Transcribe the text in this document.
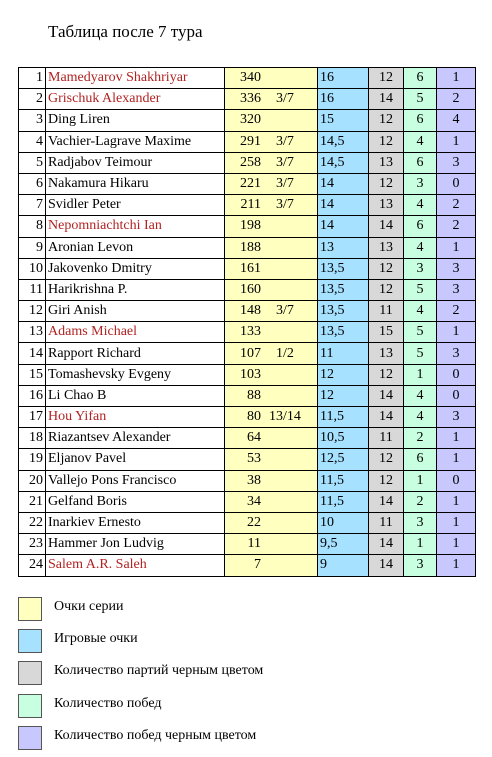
Таблица после 7 тура
1	Mamedyarov Shakhriyar	340	16	12	6	1
2	Grischuk Alexander	336 3/7	16	14	5	2
3	Ding Liren	320	15	12	6	4
4	Vachier-Lagrave Maxime	291 3/7	14,5	12	4	1
5	Radjabov Teimour	258 3/7	14,5	13	6	3
6	Nakamura Hikaru	221 3/7	14	12	3	0
7	Svidler Peter	211 3/7	14	13	4	2
8	Nepomniachtchi Ian	198	14	14	6	2
9	Aronian Levon	188	13	13	4	1
10	Jakovenko Dmitry	161	13,5	12	3	3
11	Harikrishna P.	160	13,5	12	5	3
12	Giri Anish	148 3/7	13,5	11	4	2
13	Adams Michael	133	13,5	15	5	1
14	Rapport Richard	107 1/2	11	13	5	3
15	Tomashevsky Evgeny	103	12	12	1	0
16	Li Chao B	88	12	14	4	0
17	Hou Yifan	80 13/14	11,5	14	4	3
18	Riazantsev Alexander	64	10,5	11	2	1
19	Eljanov Pavel	53	12,5	12	6	1
20	Vallejo Pons Francisco	38	11,5	12	1	0
21	Gelfand Boris	34	11,5	14	2	1
22	Inarkiev Ernesto	22	10	11	3	1
23	Hammer Jon Ludvig	11	9,5	14	1	1
24	Salem A.R. Saleh	7	9	14	3	1
Очки серии
Игровые очки
Количество партий черным цветом
Количество побед
Количество побед черным цветом
